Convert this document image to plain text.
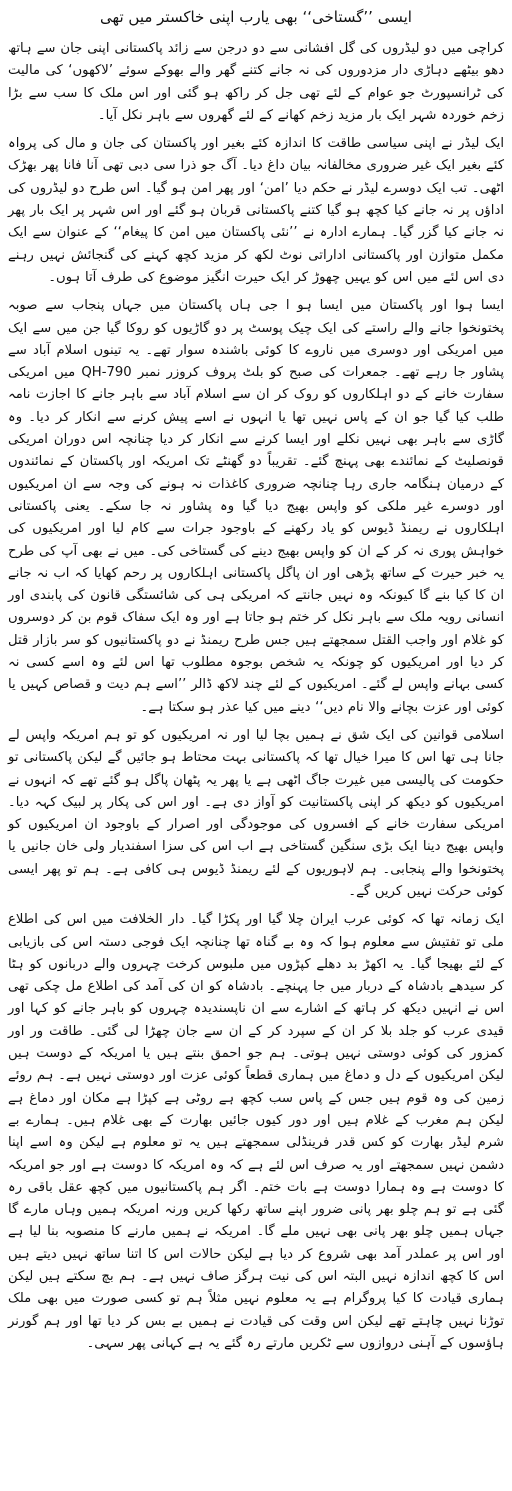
ایسی ’’گستاخی‘‘ بھی یارب اپنی خاکستر میں تھی

کراچی میں دو لیڈروں کی گل افشانی سے دو درجن سے زائد پاکستانی اپنی جان سے ہاتھ دھو بیٹھے دہاڑی دار مزدوروں کی نہ جانے کتنے گھر والے بھوکے سوئے ’لاکھوں‘ کی مالیت کی ٹرانسپورٹ جو عوام کے لئے تھی جل کر راکھ ہو گئی اور اس ملک کا سب سے بڑا زخم خوردہ شہر ایک بار مزید زخم کھانے کے لئے گھروں سے باہر نکل آیا۔

ایک لیڈر نے اپنی سیاسی طاقت کا اندازہ کئے بغیر اور پاکستان کی جان و مال کی پرواہ کئے بغیر ایک غیر ضروری مخالفانہ بیان داغ دیا۔ آگ جو ذرا سی دبی تھی آنا فانا پھر بھڑک اٹھی۔ تب ایک دوسرے لیڈر نے حکم دیا ’امن‘ اور پھر امن ہو گیا۔ اس طرح دو لیڈروں کی اداؤں پر نہ جانے کیا کچھ ہو گیا کتنے پاکستانی قربان ہو گئے اور اس شہر پر ایک بار پھر نہ جانے کیا گزر گیا۔ ہمارے ادارہ نے ’’نئی پاکستان میں امن کا پیغام‘‘ کے عنوان سے ایک مکمل متوازن اور پاکستانی اداراتی نوٹ لکھ کر مزید کچھ کہنے کی گنجائش نہیں رہنے دی اس لئے میں اس کو یہیں چھوڑ کر ایک حیرت انگیز موضوع کی طرف آتا ہوں۔

ایسا ہوا اور پاکستان میں ایسا ہو ا جی ہاں پاکستان میں جہاں پنجاب سے صوبہ پختونخوا جانے والے راستے کی ایک چیک پوسٹ پر دو گاڑیوں کو روکا گیا جن میں سے ایک میں امریکی اور دوسری میں ناروے کا کوئی باشندہ سوار تھے۔ یہ تینوں اسلام آباد سے پشاور جا رہے تھے۔ جمعرات کی صبح کو بلٹ پروف کروزر نمبر QH-790 میں امریکی سفارت خانے کے دو اہلکاروں کو روک کر ان سے اسلام آباد سے باہر جانے کا اجازت نامہ طلب کیا گیا جو ان کے پاس نہیں تھا یا انہوں نے اسے پیش کرنے سے انکار کر دیا۔ وہ گاڑی سے باہر بھی نہیں نکلے اور ایسا کرنے سے انکار کر دیا چنانچہ اس دوران امریکی قونصلیٹ کے نمائندے بھی پہنچ گئے۔ تقریباً دو گھنٹے تک امریکہ اور پاکستان کے نمائندوں کے درمیان ہنگامہ جاری رہا چنانچہ ضروری کاغذات نہ ہونے کی وجہ سے ان امریکیوں اور دوسرے غیر ملکی کو واپس بھیج دیا گیا وہ پشاور نہ جا سکے۔ یعنی پاکستانی اہلکاروں نے ریمنڈ ڈیوس کو یاد رکھنے کے باوجود جرات سے کام لیا اور امریکیوں کی خواہش پوری نہ کر کے ان کو واپس بھیج دینے کی گستاخی کی۔ میں نے بھی آپ کی طرح یہ خبر حیرت کے ساتھ پڑھی اور ان پاگل پاکستانی اہلکاروں پر رحم کھایا کہ اب نہ جانے ان کا کیا بنے گا کیونکہ وہ نہیں جانتے کہ امریکی ہی کی شائستگی قانون کی پابندی اور انسانی رویہ ملک سے باہر نکل کر ختم ہو جاتا ہے اور وہ ایک سفاک قوم بن کر دوسروں کو غلام اور واجب القتل سمجھتے ہیں جس طرح ریمنڈ نے دو پاکستانیوں کو سر بازار قتل کر دیا اور امریکیوں کو چونکہ یہ شخص بوجوہ مطلوب تھا اس لئے وہ اسے کسی نہ کسی بہانے واپس لے گئے۔ امریکیوں کے لئے چند لاکھ ڈالر ’’اسے ہم دیت و قصاص کہیں یا کوئی اور عزت بچانے والا نام دیں‘‘ دینے میں کیا عذر ہو سکتا ہے۔

اسلامی قوانین کی ایک شق نے ہمیں بچا لیا اور نہ امریکیوں کو تو ہم امریکہ واپس لے جانا ہی تھا اس کا میرا خیال تھا کہ پاکستانی بہت محتاط ہو جائیں گے لیکن پاکستانی تو حکومت کی پالیسی میں غیرت جاگ اٹھی ہے یا پھر یہ پٹھان پاگل ہو گئے تھے کہ انہوں نے امریکیوں کو دیکھ کر اپنی پاکستانیت کو آواز دی ہے۔ اور اس کی پکار پر لبیک کہہ دیا۔ امریکی سفارت خانے کے افسروں کی موجودگی اور اصرار کے باوجود ان امریکیوں کو واپس بھیج دینا ایک بڑی سنگین گستاخی ہے اب اس کی سزا اسفندیار ولی خان جانیں یا پختونخوا والے پنجابی۔ ہم لاہوریوں کے لئے ریمنڈ ڈیوس ہی کافی ہے۔ ہم تو پھر ایسی کوئی حرکت نہیں کریں گے۔

ایک زمانہ تھا کہ کوئی عرب ایران چلا گیا اور پکڑا گیا۔ دار الخلافت میں اس کی اطلاع ملی تو تفتیش سے معلوم ہوا کہ وہ بے گناہ تھا چنانچہ ایک فوجی دستہ اس کی بازیابی کے لئے بھیجا گیا۔ یہ اکھڑ بد دھلے کپڑوں میں ملبوس کرخت چہروں والے دربانوں کو ہٹا کر سیدھے بادشاہ کے دربار میں جا پہنچے۔ بادشاہ کو ان کی آمد کی اطلاع مل چکی تھی اس نے انہیں دیکھ کر ہاتھ کے اشارے سے ان ناپسندیدہ چہروں کو باہر جانے کو کہا اور قیدی عرب کو جلد بلا کر ان کے سپرد کر کے ان سے جان چھڑا لی گئی۔ طاقت ور اور کمزور کی کوئی دوستی نہیں ہوتی۔ ہم جو احمق بنتے ہیں یا امریکہ کے دوست ہیں لیکن امریکیوں کے دل و دماغ میں ہماری قطعاً کوئی عزت اور دوستی نہیں ہے۔ ہم روئے زمین کی وہ قوم ہیں جس کے پاس سب کچھ ہے روٹی ہے کپڑا ہے مکان اور دماغ ہے لیکن ہم مغرب کے غلام ہیں اور دور کیوں جائیں بھارت کے بھی غلام ہیں۔ ہمارے بے شرم لیڈر بھارت کو کس قدر فرینڈلی سمجھتے ہیں یہ تو معلوم ہے لیکن وہ اسے اپنا دشمن نہیں سمجھتے اور یہ صرف اس لئے ہے کہ وہ امریکہ کا دوست ہے اور جو امریکہ کا دوست ہے وہ ہمارا دوست ہے بات ختم۔ اگر ہم پاکستانیوں میں کچھ عقل باقی رہ گئی ہے تو ہم چلو بھر پانی ضرور اپنے ساتھ رکھا کریں ورنہ امریکہ ہمیں وہاں مارے گا جہاں ہمیں چلو بھر پانی بھی نہیں ملے گا۔ امریکہ نے ہمیں مارنے کا منصوبہ بنا لیا ہے اور اس پر عملدر آمد بھی شروع کر دیا ہے لیکن حالات اس کا اتنا ساتھ نہیں دیتے ہیں اس کا کچھ اندازہ نہیں البتہ اس کی نیت ہرگز صاف نہیں ہے۔ ہم بچ سکتے ہیں لیکن ہماری قیادت کا کیا پروگرام ہے یہ معلوم نہیں مثلاً ہم تو کسی صورت میں بھی ملک توڑنا نہیں چاہتے تھے لیکن اس وقت کی قیادت نے ہمیں بے بس کر دیا تھا اور ہم گورنر ہاؤسوں کے آہنی دروازوں سے ٹکریں مارتے رہ گئے یہ ہے کہانی پھر سہی۔
